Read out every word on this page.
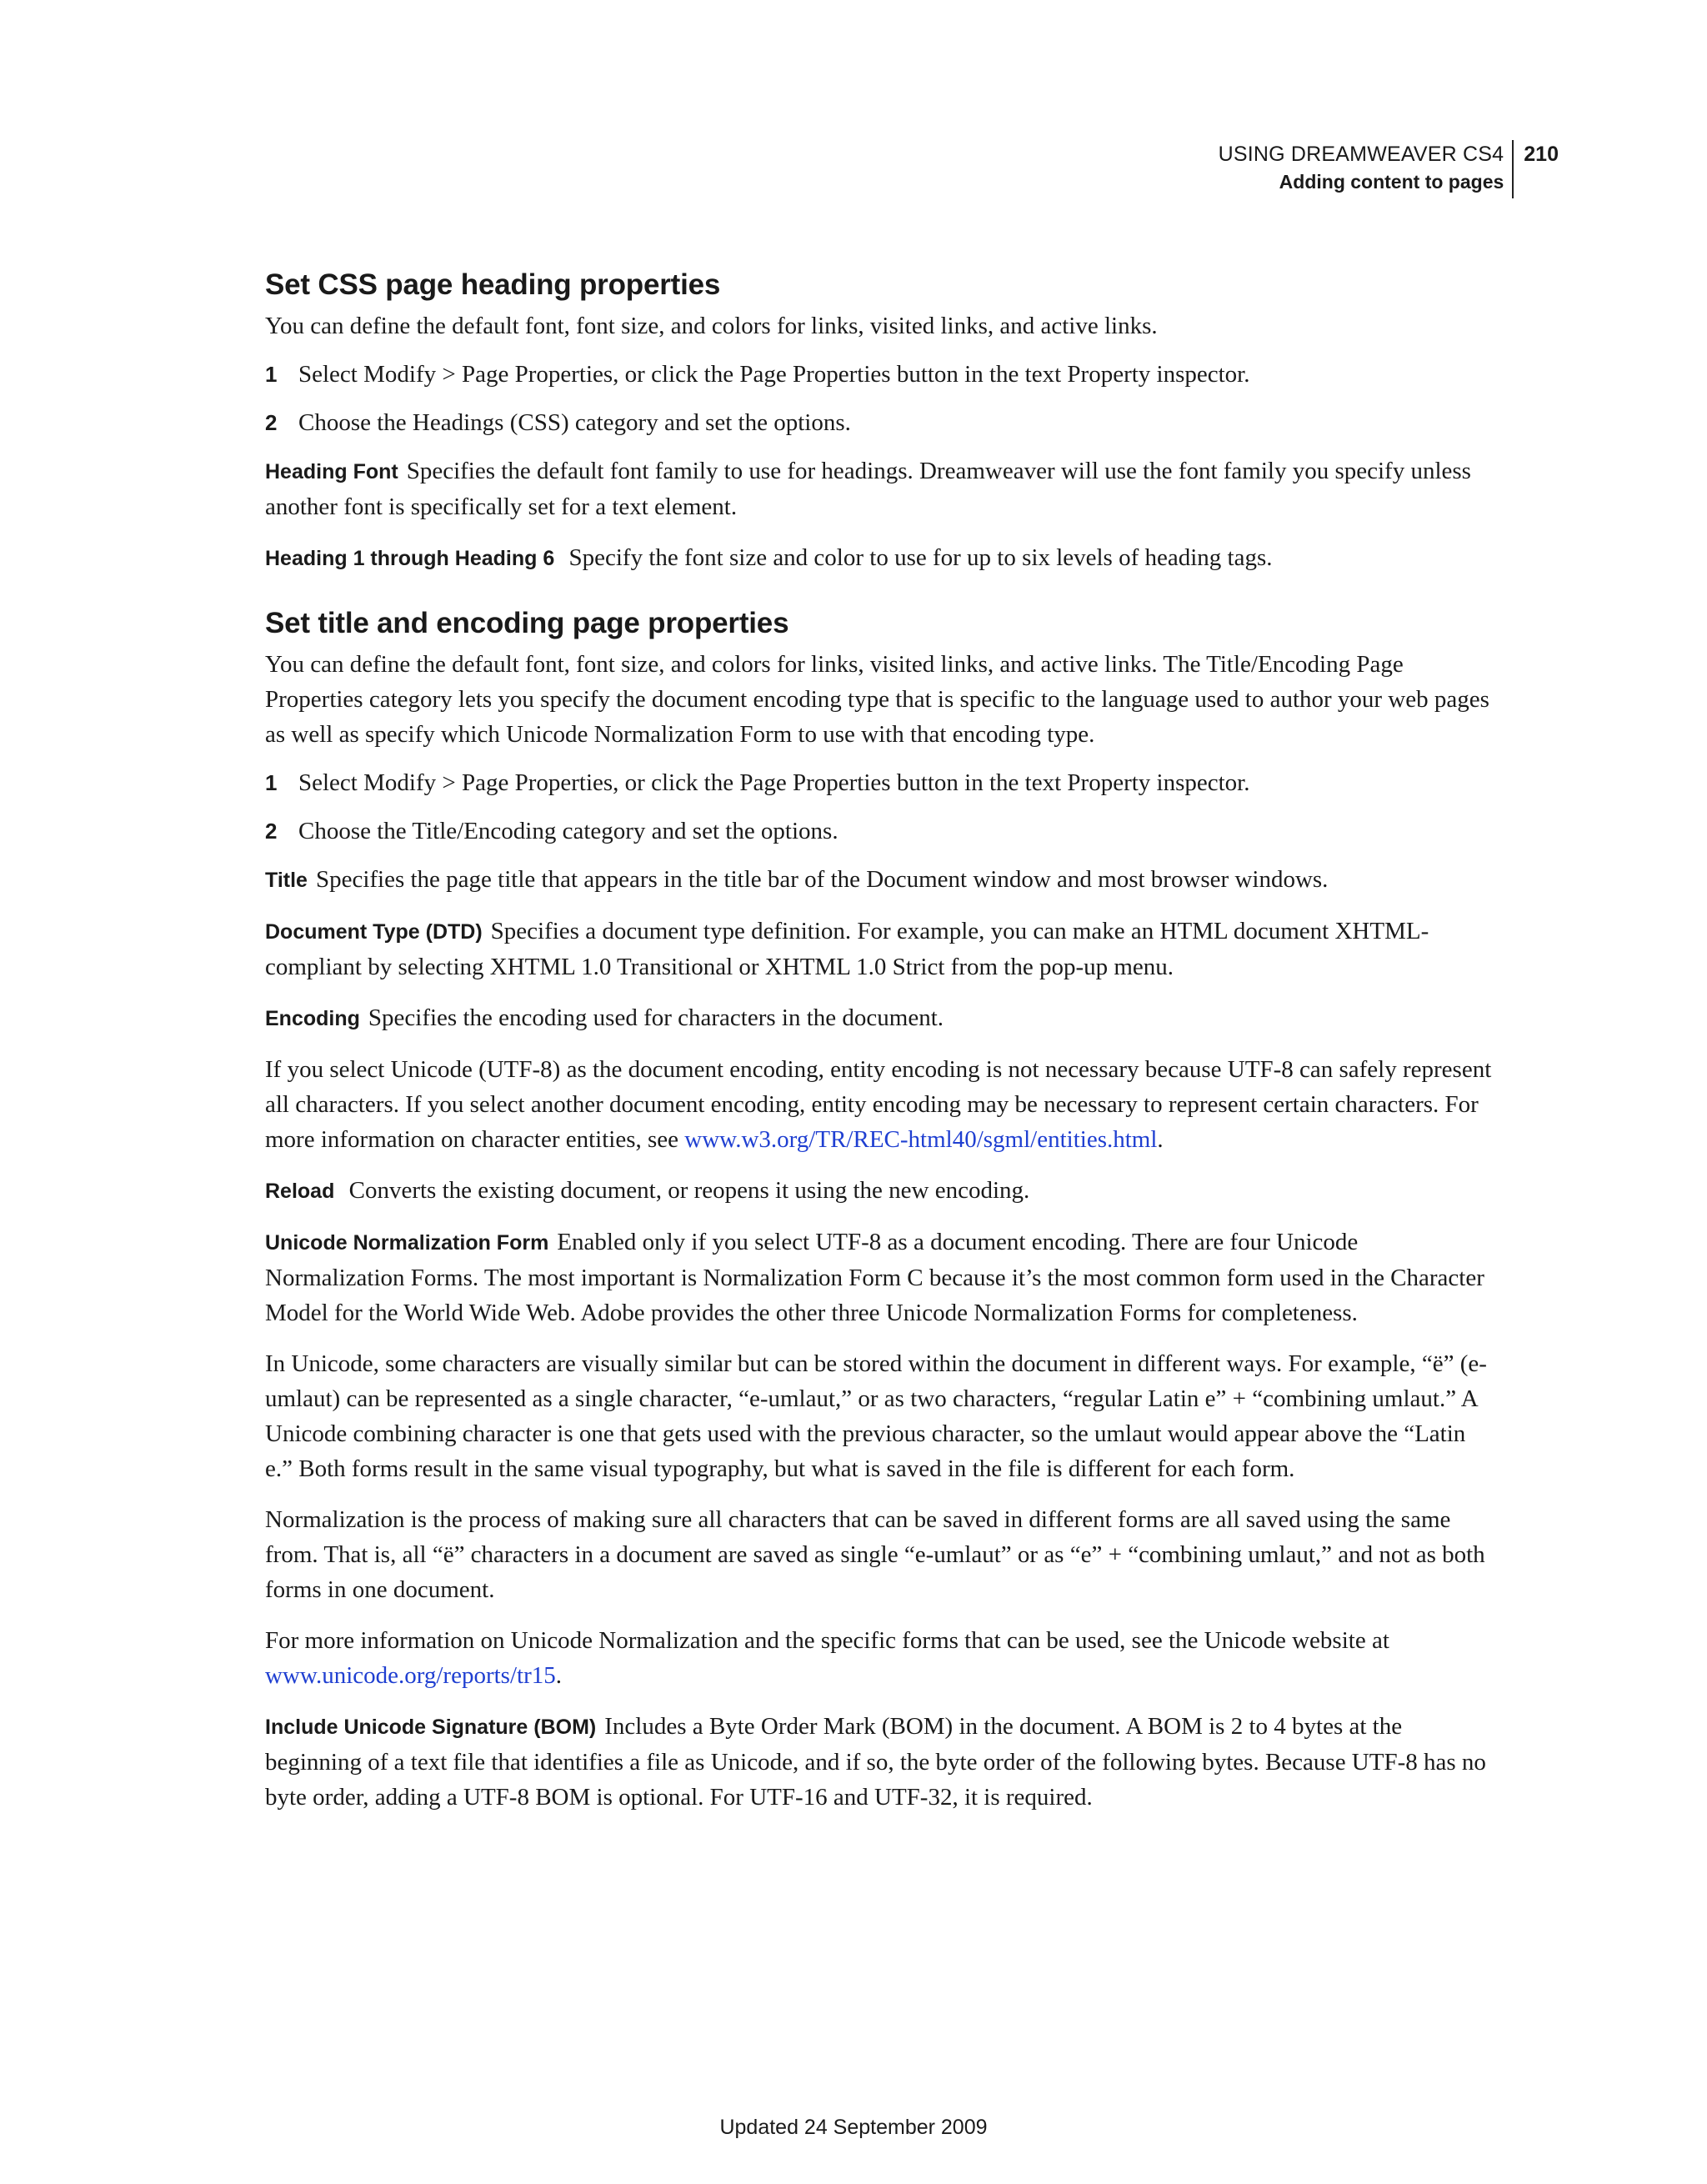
USING DREAMWEAVER CS4
Adding content to pages
210
Set CSS page heading properties

You can define the default font, font size, and colors for links, visited links, and active links.

1 Select Modify > Page Properties, or click the Page Properties button in the text Property inspector.
2 Choose the Headings (CSS) category and set the options.

Heading Font Specifies the default font family to use for headings. Dreamweaver will use the font family you specify unless another font is specifically set for a text element.

Heading 1 through Heading 6 Specify the font size and color to use for up to six levels of heading tags.

Set title and encoding page properties

You can define the default font, font size, and colors for links, visited links, and active links. The Title/Encoding Page Properties category lets you specify the document encoding type that is specific to the language used to author your web pages as well as specify which Unicode Normalization Form to use with that encoding type.

1 Select Modify > Page Properties, or click the Page Properties button in the text Property inspector.
2 Choose the Title/Encoding category and set the options.

Title Specifies the page title that appears in the title bar of the Document window and most browser windows.

Document Type (DTD) Specifies a document type definition. For example, you can make an HTML document XHTML-compliant by selecting XHTML 1.0 Transitional or XHTML 1.0 Strict from the pop-up menu.

Encoding Specifies the encoding used for characters in the document.

If you select Unicode (UTF-8) as the document encoding, entity encoding is not necessary because UTF-8 can safely represent all characters. If you select another document encoding, entity encoding may be necessary to represent certain characters. For more information on character entities, see www.w3.org/TR/REC-html40/sgml/entities.html.

Reload Converts the existing document, or reopens it using the new encoding.

Unicode Normalization Form Enabled only if you select UTF-8 as a document encoding. There are four Unicode Normalization Forms. The most important is Normalization Form C because it’s the most common form used in the Character Model for the World Wide Web. Adobe provides the other three Unicode Normalization Forms for completeness.

In Unicode, some characters are visually similar but can be stored within the document in different ways. For example, “ë” (e-umlaut) can be represented as a single character, “e-umlaut,” or as two characters, “regular Latin e” + “combining umlaut.” A Unicode combining character is one that gets used with the previous character, so the umlaut would appear above the “Latin e.” Both forms result in the same visual typography, but what is saved in the file is different for each form.

Normalization is the process of making sure all characters that can be saved in different forms are all saved using the same from. That is, all “ë” characters in a document are saved as single “e-umlaut” or as “e” + “combining umlaut,” and not as both forms in one document.

For more information on Unicode Normalization and the specific forms that can be used, see the Unicode website at www.unicode.org/reports/tr15.

Include Unicode Signature (BOM) Includes a Byte Order Mark (BOM) in the document. A BOM is 2 to 4 bytes at the beginning of a text file that identifies a file as Unicode, and if so, the byte order of the following bytes. Because UTF-8 has no byte order, adding a UTF-8 BOM is optional. For UTF-16 and UTF-32, it is required.

Updated 24 September 2009
